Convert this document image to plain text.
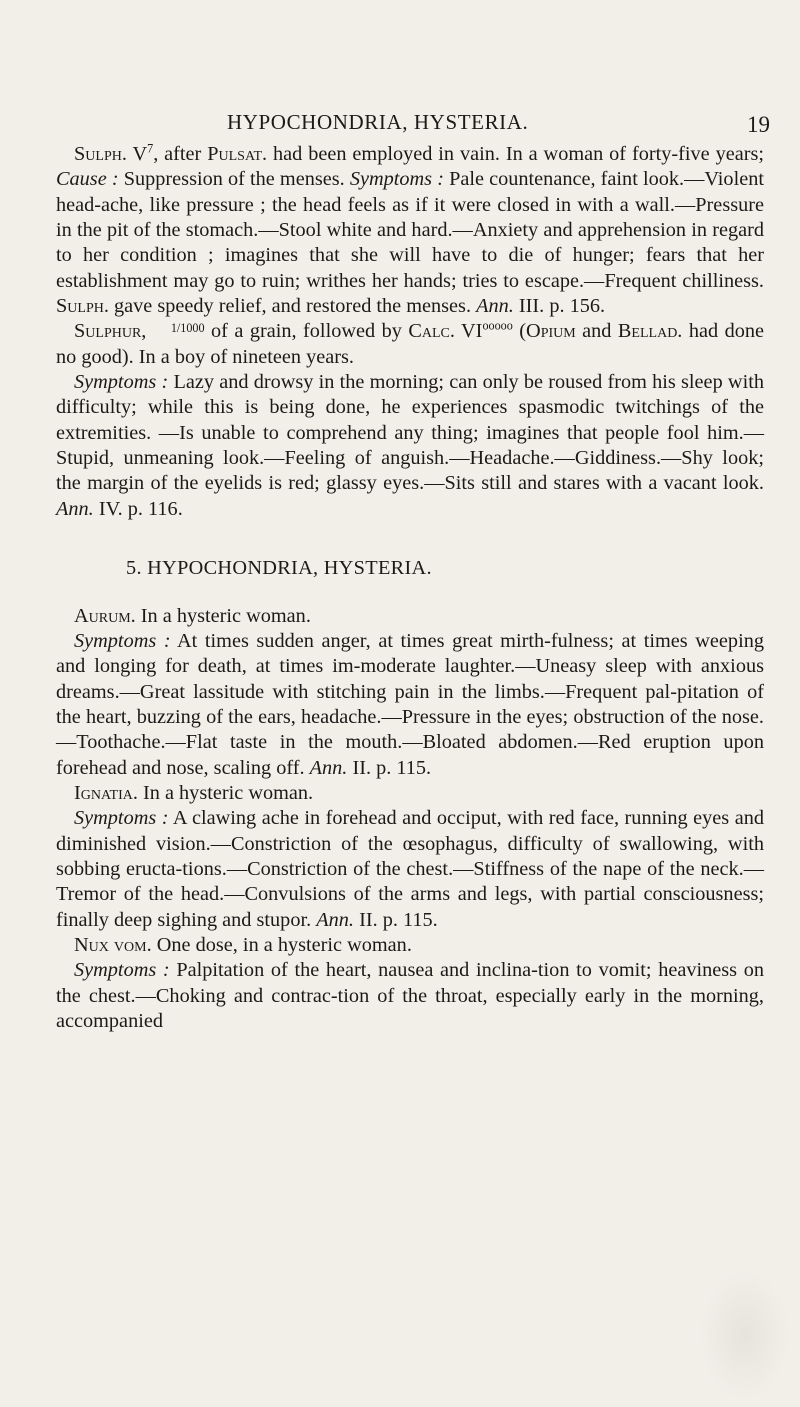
HYPOCHONDRIA, HYSTERIA.	19

Sulph. $V^7$, after Pulsat. had been employed in vain. In a woman of forty-five years; Cause : Suppression of the menses. Symptoms : Pale countenance, faint look.—Violent head-ache, like pressure ; the head feels as if it were closed in with a wall.—Pressure in the pit of the stomach.—Stool white and hard.—Anxiety and apprehension in regard to her condition ; imagines that she will have to die of hunger; fears that her establishment may go to ruin; writhes her hands; tries to escape.—Frequent chilliness. Sulph. gave speedy relief, and restored the menses. Ann. III. p. 156.

Sulphur, 1/1000 of a grain, followed by Calc. $VI^{ooooo}$ (Opium and Bellad. had done no good). In a boy of nineteen years.

Symptoms : Lazy and drowsy in the morning; can only be roused from his sleep with difficulty; while this is being done, he experiences spasmodic twitchings of the extremities. —Is unable to comprehend any thing; imagines that people fool him.—Stupid, unmeaning look.—Feeling of anguish.—Headache.—Giddiness.—Shy look; the margin of the eyelids is red; glassy eyes.—Sits still and stares with a vacant look. Ann. IV. p. 116.

5. HYPOCHONDRIA, HYSTERIA.

Aurum. In a hysteric woman.

Symptoms : At times sudden anger, at times great mirth-fulness; at times weeping and longing for death, at times im-moderate laughter.—Uneasy sleep with anxious dreams.—Great lassitude with stitching pain in the limbs.—Frequent pal-pitation of the heart, buzzing of the ears, headache.—Pressure in the eyes; obstruction of the nose.—Toothache.—Flat taste in the mouth.—Bloated abdomen.—Red eruption upon forehead and nose, scaling off. Ann. II. p. 115.

Ignatia. In a hysteric woman.

Symptoms : A clawing ache in forehead and occiput, with red face, running eyes and diminished vision.—Constriction of the œsophagus, difficulty of swallowing, with sobbing eructa-tions.—Constriction of the chest.—Stiffness of the nape of the neck.—Tremor of the head.—Convulsions of the arms and legs, with partial consciousness; finally deep sighing and stupor. Ann. II. p. 115.

Nux vom. One dose, in a hysteric woman.

Symptoms : Palpitation of the heart, nausea and inclina-tion to vomit; heaviness on the chest.—Choking and contrac-tion of the throat, especially early in the morning, accompanied
